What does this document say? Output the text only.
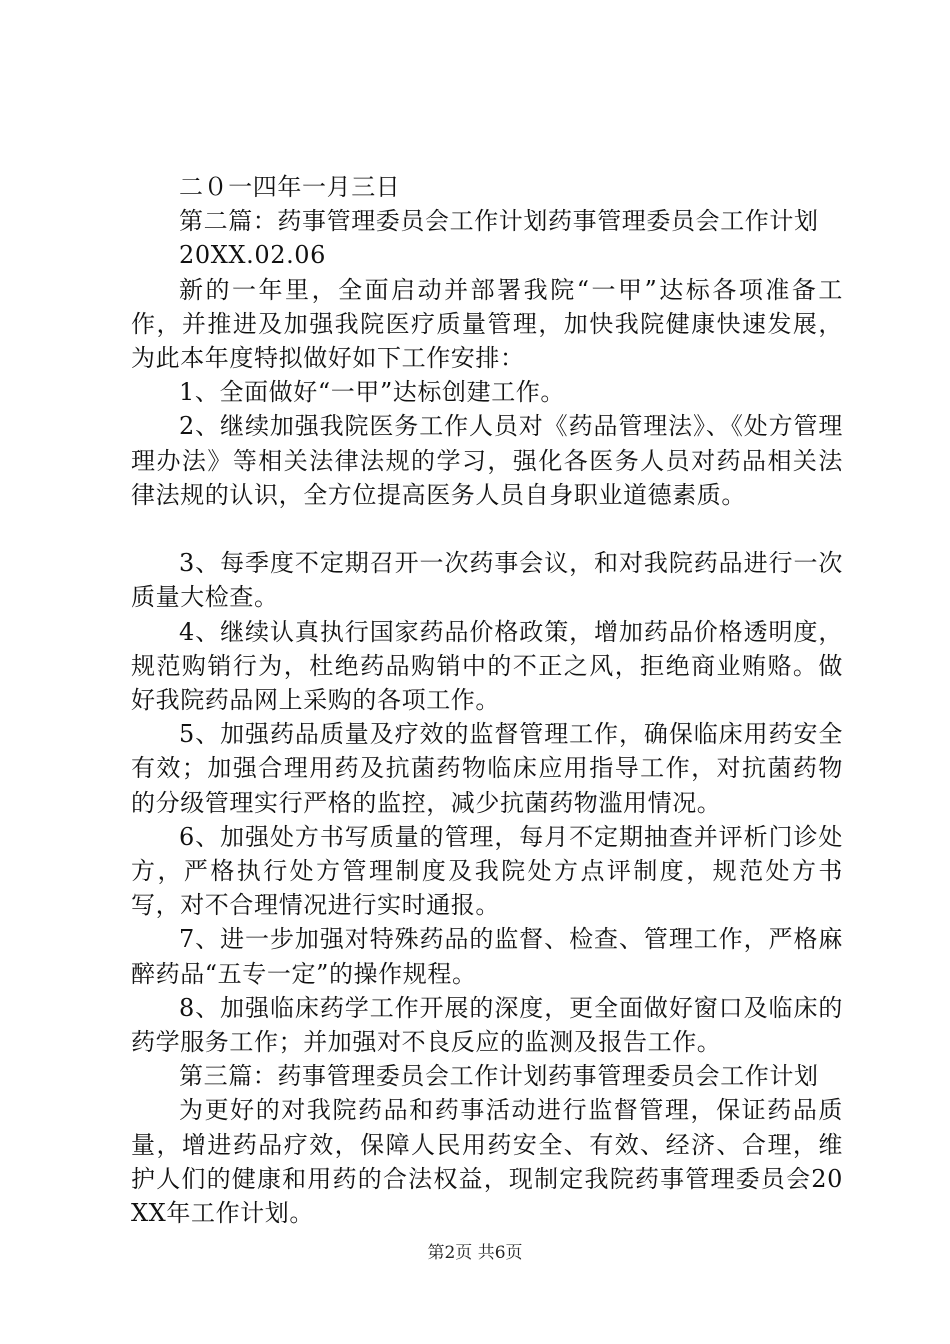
二０一四年一月三日

第二篇：药事管理委员会工作计划药事管理委员会工作计划

20XX.02.06

新的一年里，全面启动并部署我院“一甲”达标各项准备工作，并推进及加强我院医疗质量管理，加快我院健康快速发展，为此本年度特拟做好如下工作安排：

1、全面做好“一甲”达标创建工作。

2、继续加强我院医务工作人员对《药品管理法》、《处方管理理办法》等相关法律法规的学习，强化各医务人员对药品相关法律法规的认识，全方位提高医务人员自身职业道德素质。

3、每季度不定期召开一次药事会议，和对我院药品进行一次质量大检查。

4、继续认真执行国家药品价格政策，增加药品价格透明度，规范购销行为，杜绝药品购销中的不正之风，拒绝商业贿赂。做好我院药品网上采购的各项工作。

5、加强药品质量及疗效的监督管理工作，确保临床用药安全有效；加强合理用药及抗菌药物临床应用指导工作，对抗菌药物的分级管理实行严格的监控，减少抗菌药物滥用情况。

6、加强处方书写质量的管理，每月不定期抽查并评析门诊处方，严格执行处方管理制度及我院处方点评制度，规范处方书写，对不合理情况进行实时通报。

7、进一步加强对特殊药品的监督、检查、管理工作，严格麻醉药品“五专一定”的操作规程。

8、加强临床药学工作开展的深度，更全面做好窗口及临床的药学服务工作；并加强对不良反应的监测及报告工作。

第三篇：药事管理委员会工作计划药事管理委员会工作计划

为更好的对我院药品和药事活动进行监督管理，保证药品质量，增进药品疗效，保障人民用药安全、有效、经济、合理，维护人们的健康和用药的合法权益，现制定我院药事管理委员会20XX年工作计划。

第2页 共6页
